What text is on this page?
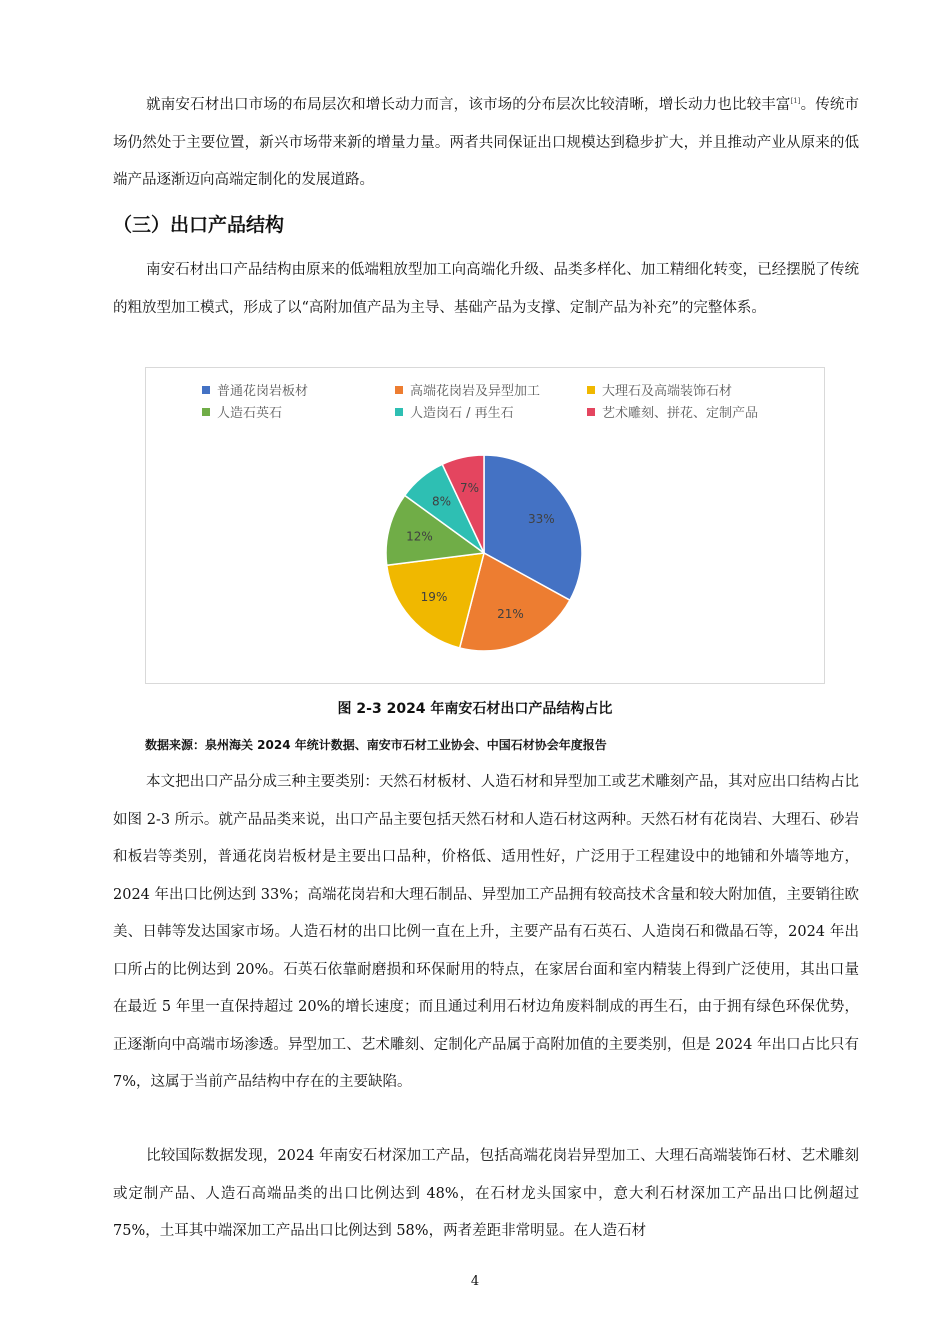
就南安石材出口市场的布局层次和增长动力而言，该市场的分布层次比较清晰，增长动力也比较丰富[1]。传统市场仍然处于主要位置，新兴市场带来新的增量力量。两者共同保证出口规模达到稳步扩大，并且推动产业从原来的低端产品逐渐迈向高端定制化的发展道路。
（三）出口产品结构
南安石材出口产品结构由原来的低端粗放型加工向高端化升级、品类多样化、加工精细化转变，已经摆脱了传统的粗放型加工模式，形成了以“高附加值产品为主导、基础产品为支撑、定制产品为补充”的完整体系。
普通花岗岩板材	高端花岗岩及异型加工	大理石及高端装饰石材
人造石英石	人造岗石 / 再生石	艺术雕刻、拼花、定制产品
33%
21%
19%
12%
8%
7%
图 2-3 2024 年南安石材出口产品结构占比
数据来源：泉州海关 2024 年统计数据、南安市石材工业协会、中国石材协会年度报告
本文把出口产品分成三种主要类别：天然石材板材、人造石材和异型加工或艺术雕刻产品，其对应出口结构占比如图 2-3 所示。就产品品类来说，出口产品主要包括天然石材和人造石材这两种。天然石材有花岗岩、大理石、砂岩和板岩等类别，普通花岗岩板材是主要出口品种，价格低、适用性好，广泛用于工程建设中的地铺和外墙等地方，2024 年出口比例达到 33%；高端花岗岩和大理石制品、异型加工产品拥有较高技术含量和较大附加值，主要销往欧美、日韩等发达国家市场。人造石材的出口比例一直在上升，主要产品有石英石、人造岗石和微晶石等，2024 年出口所占的比例达到 20%。石英石依靠耐磨损和环保耐用的特点，在家居台面和室内精装上得到广泛使用，其出口量在最近 5 年里一直保持超过 20%的增长速度；而且通过利用石材边角废料制成的再生石，由于拥有绿色环保优势，正逐渐向中高端市场渗透。异型加工、艺术雕刻、定制化产品属于高附加值的主要类别，但是 2024 年出口占比只有 7%，这属于当前产品结构中存在的主要缺陷。
比较国际数据发现，2024 年南安石材深加工产品，包括高端花岗岩异型加工、大理石高端装饰石材、艺术雕刻或定制产品、人造石高端品类的出口比例达到 48%，在石材龙头国家中，意大利石材深加工产品出口比例超过 75%，土耳其中端深加工产品出口比例达到 58%，两者差距非常明显。在人造石材
4
